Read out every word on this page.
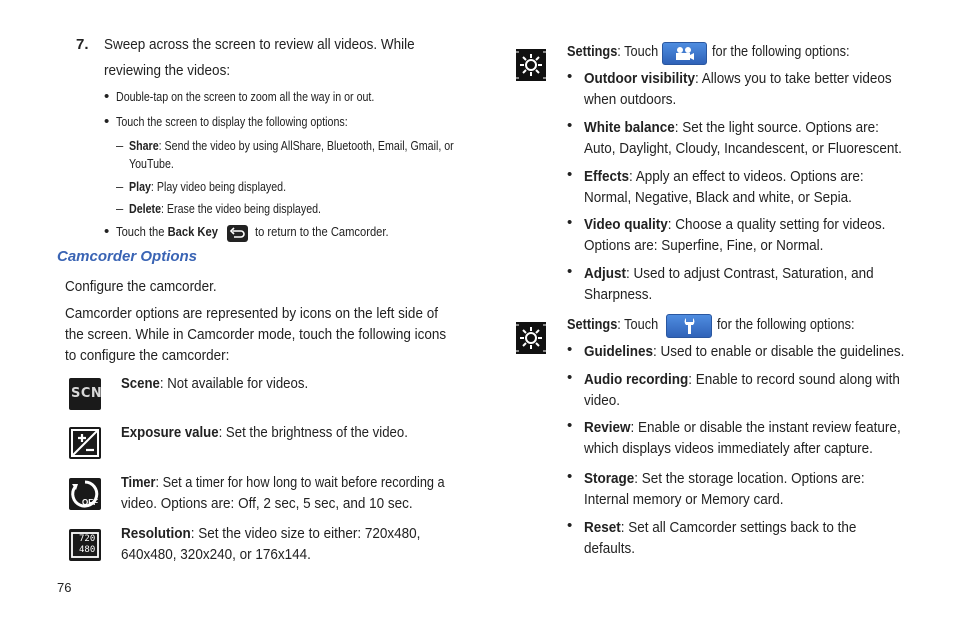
7. Sweep across the screen to review all videos. While
reviewing the videos:
• Double-tap on the screen to zoom all the way in or out.
• Touch the screen to display the following options:
– Share: Send the video by using AllShare, Bluetooth, Email, Gmail, or
YouTube.
– Play: Play video being displayed.
– Delete: Erase the video being displayed.
• Touch the Back Key	to return to the Camcorder.
Camcorder Options
Configure the camcorder.
Camcorder options are represented by icons on the left side of
the screen. While in Camcorder mode, touch the following icons
to configure the camcorder:
SCN
Scene: Not available for videos.
Exposure value: Set the brightness of the video.
OFF
Timer: Set a timer for how long to wait before recording a
video. Options are: Off, 2 sec, 5 sec, and 10 sec.
720
480
Resolution: Set the video size to either: 720x480,
640x480, 320x240, or 176x144.
76
Settings: Touch	for the following options:
• Outdoor visibility: Allows you to take better videos
when outdoors.
• White balance: Set the light source. Options are:
Auto, Daylight, Cloudy, Incandescent, or Fluorescent.
• Effects: Apply an effect to videos. Options are:
Normal, Negative, Black and white, or Sepia.
• Video quality: Choose a quality setting for videos.
Options are: Superfine, Fine, or Normal.
• Adjust: Used to adjust Contrast, Saturation, and
Sharpness.
Settings: Touch	for the following options:
• Guidelines: Used to enable or disable the guidelines.
• Audio recording: Enable to record sound along with
video.
• Review: Enable or disable the instant review feature,
which displays videos immediately after capture.
• Storage: Set the storage location. Options are:
Internal memory or Memory card.
• Reset: Set all Camcorder settings back to the
defaults.
